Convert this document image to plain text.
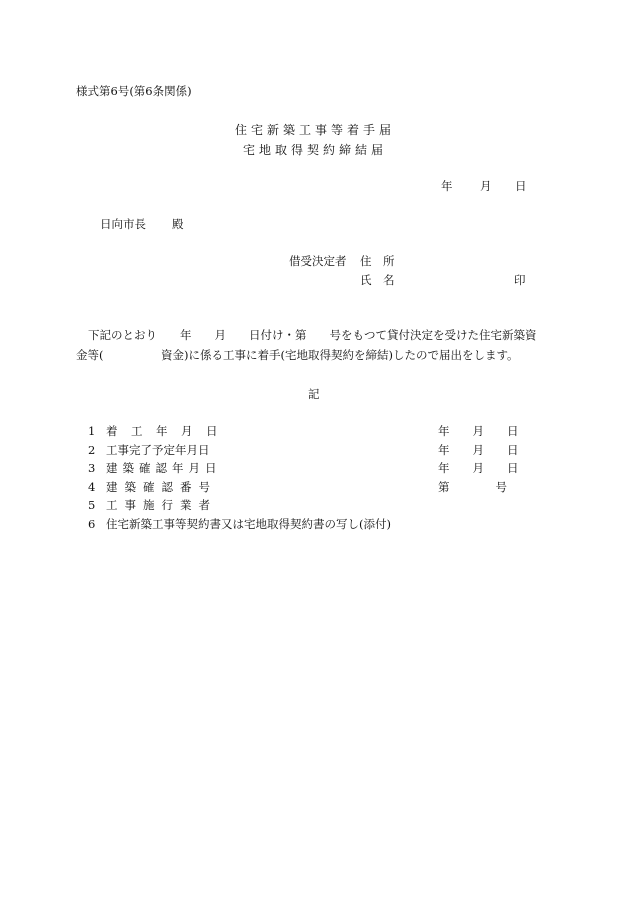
様式第6号(第6条関係)
住宅新築工事等着手届
宅地取得契約締結届
年 月 日
日向市長 殿
借受決定者 住　所
氏　名	印
下記のとおり　　年　　月　　日付け・第　　号をもつて貸付決定を受けた住宅新築資
金等(　　　　　資金)に係る工事に着手(宅地取得契約を締結)したので届出をします。
記
1 着　工　年　月　日	年　　月　　日
2 工事完了予定年月日	年　　月　　日
3 建築確認年月日	年　　月　　日
4 建築確認番号	第　　　　号
5 工事施行業者
6 住宅新築工事等契約書又は宅地取得契約書の写し(添付)
